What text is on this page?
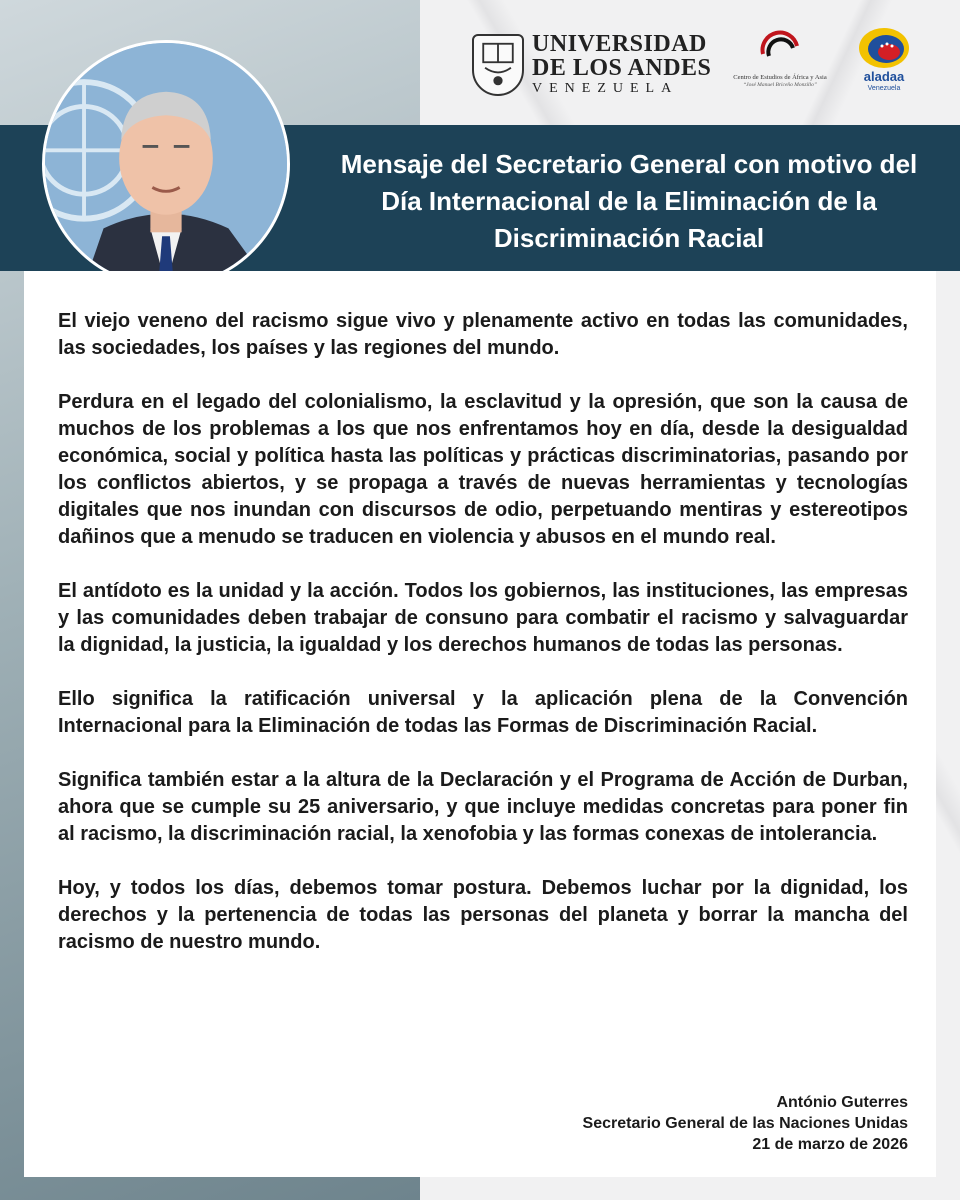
UNIVERSIDAD
DE LOS ANDES
VENEZUELA
Centro de Estudios de África y Asia
“José Manuel Briceño Monzillo”
aladaa
Venezuela
Mensaje del Secretario General con motivo del
Día Internacional de la Eliminación de la
Discriminación Racial

El viejo veneno del racismo sigue vivo y plenamente activo en todas las comunidades, las sociedades, los países y las regiones del mundo.

Perdura en el legado del colonialismo, la esclavitud y la opresión, que son la causa de muchos de los problemas a los que nos enfrentamos hoy en día, desde la desigualdad económica, social y política hasta las políticas y prácticas discriminatorias, pasando por los conflictos abiertos, y se propaga a través de nuevas herramientas y tecnologías digitales que nos inundan con discursos de odio, perpetuando mentiras y estereotipos dañinos que a menudo se traducen en violencia y abusos en el mundo real.

El antídoto es la unidad y la acción. Todos los gobiernos, las instituciones, las empresas y las comunidades deben trabajar de consuno para combatir el racismo y salvaguardar la dignidad, la justicia, la igualdad y los derechos humanos de todas las personas.

Ello significa la ratificación universal y la aplicación plena de la Convención Internacional para la Eliminación de todas las Formas de Discriminación Racial.

Significa también estar a la altura de la Declaración y el Programa de Acción de Durban, ahora que se cumple su 25 aniversario, y que incluye medidas concretas para poner fin al racismo, la discriminación racial, la xenofobia y las formas conexas de intolerancia.

Hoy, y todos los días, debemos tomar postura. Debemos luchar por la dignidad, los derechos y la pertenencia de todas las personas del planeta y borrar la mancha del racismo de nuestro mundo.

António Guterres
Secretario General de las Naciones Unidas
21 de marzo de 2026
